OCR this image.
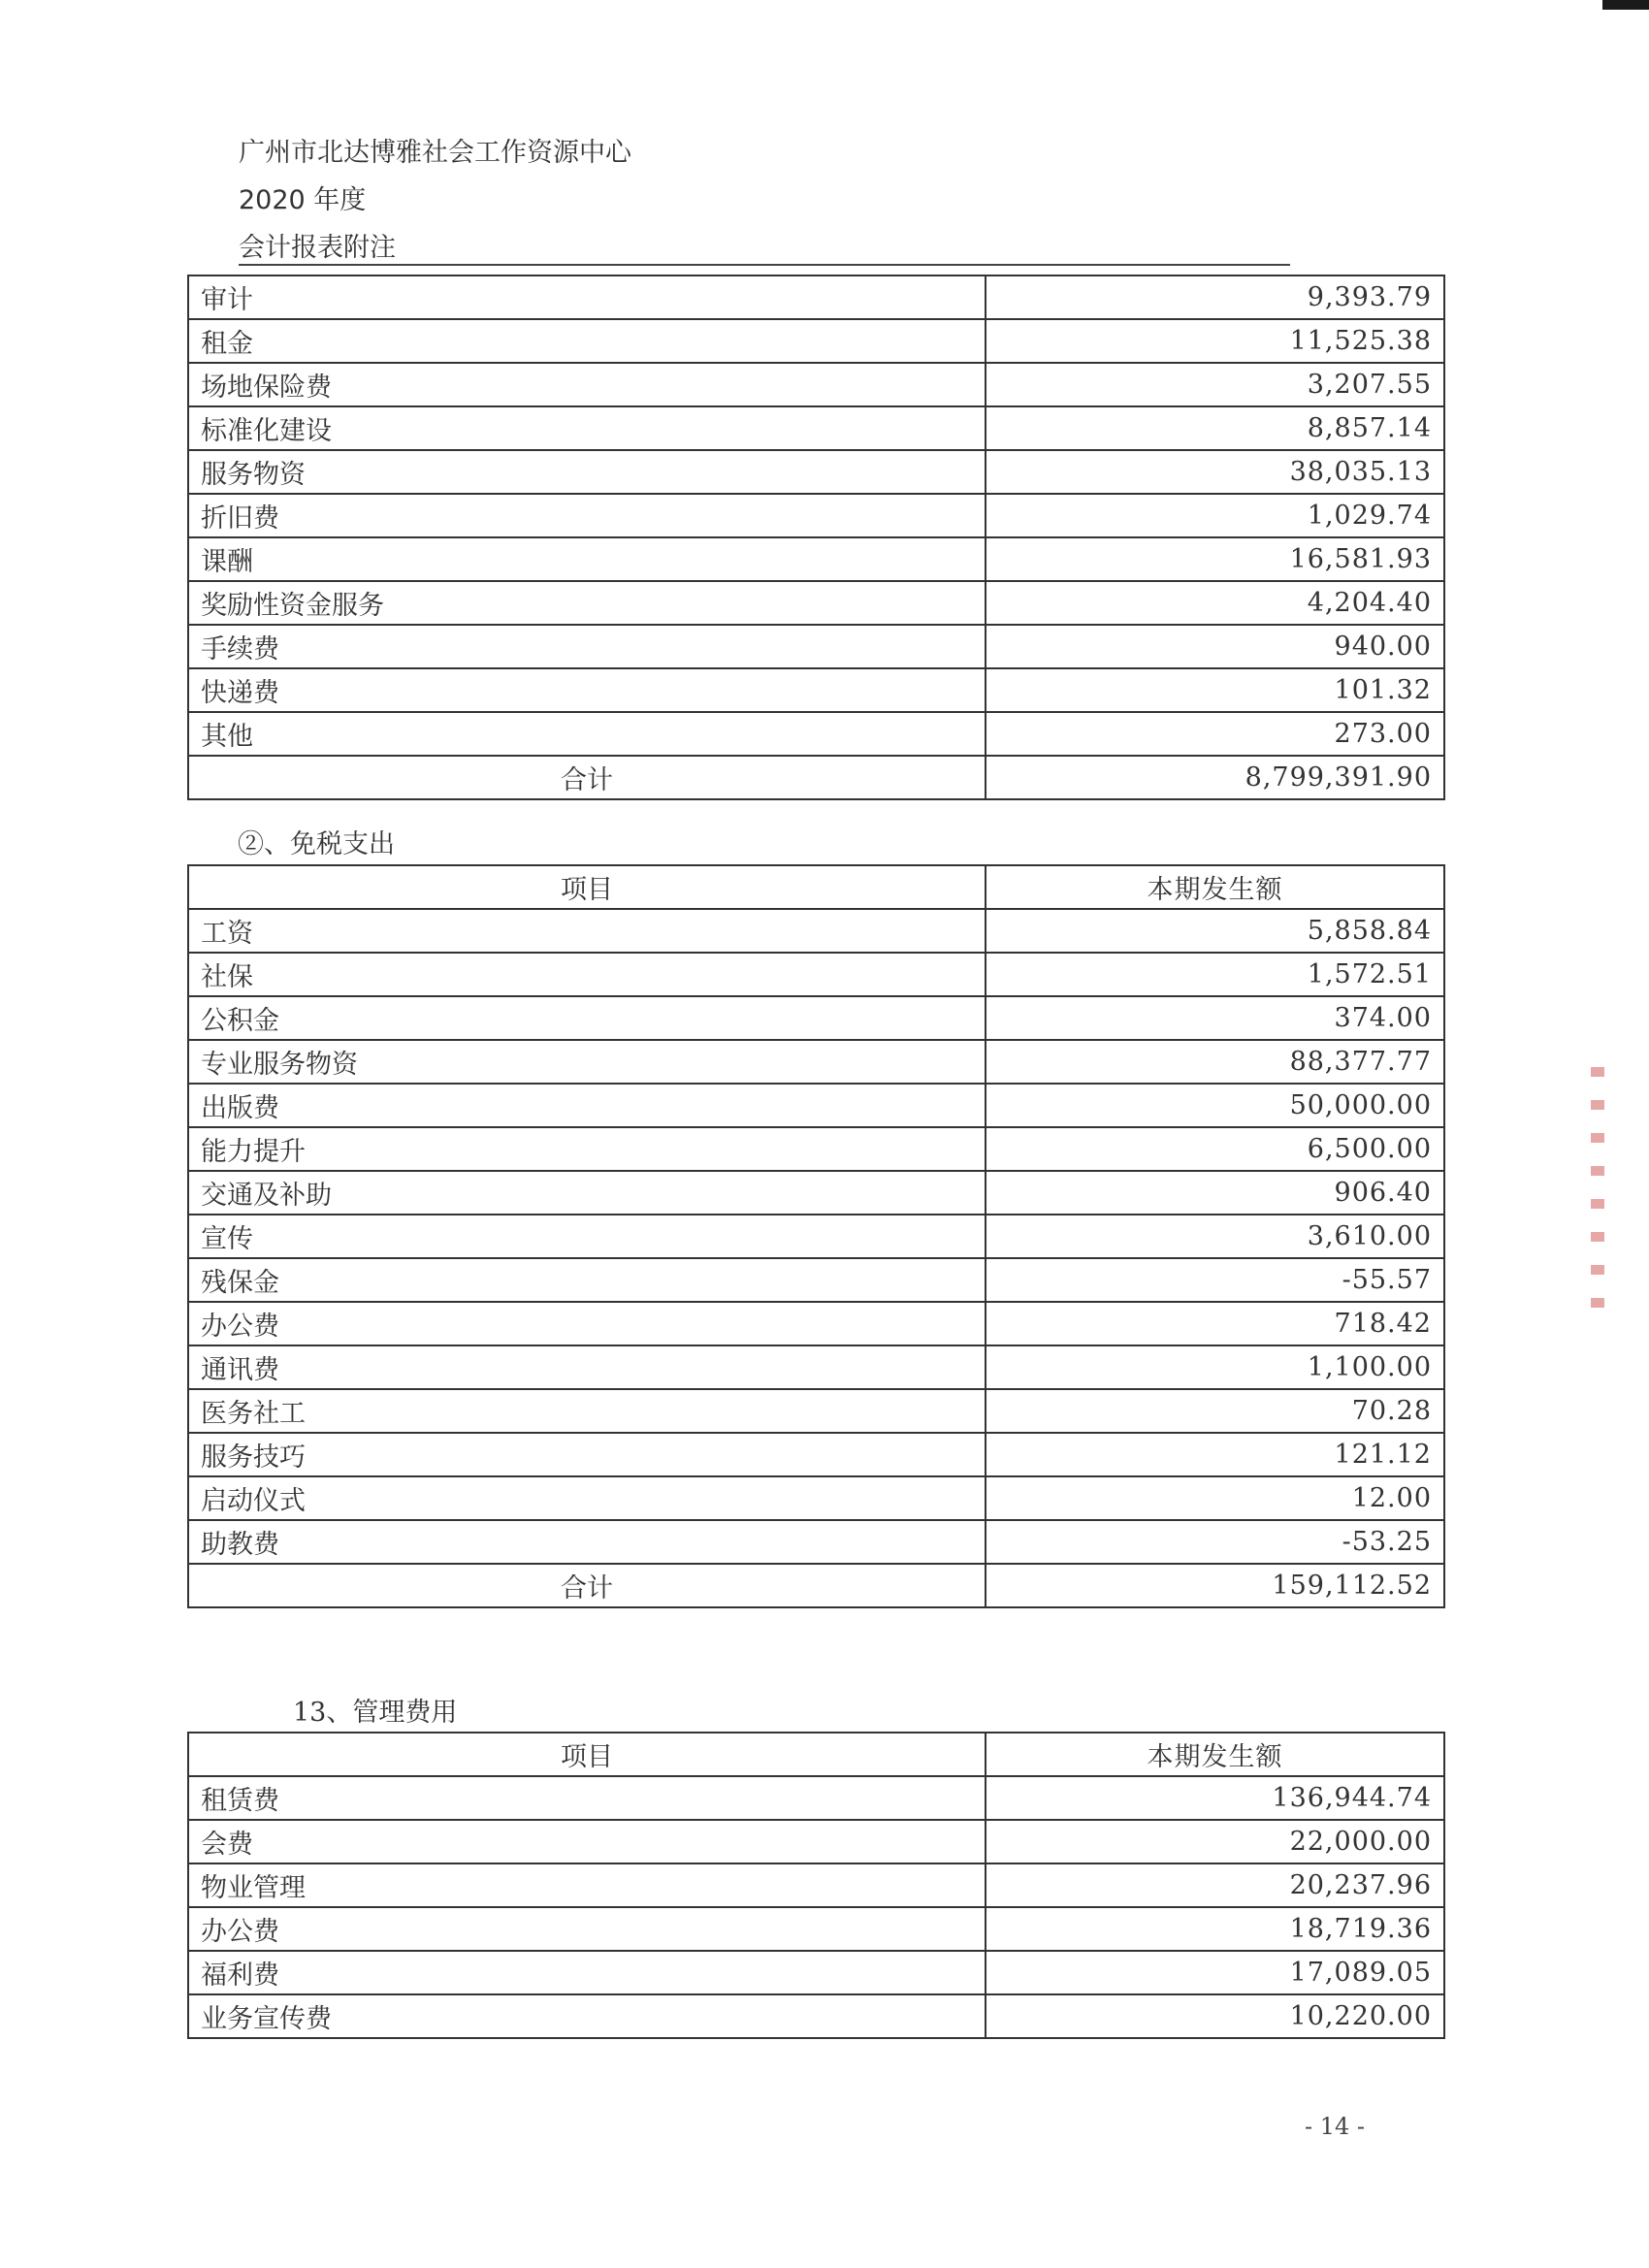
广州市北达博雅社会工作资源中心
2020 年度
会计报表附注
审计	9,393.79
租金	11,525.38
场地保险费	3,207.55
标准化建设	8,857.14
服务物资	38,035.13
折旧费	1,029.74
课酬	16,581.93
奖励性资金服务	4,204.40
手续费	940.00
快递费	101.32
其他	273.00
合计	8,799,391.90
②、免税支出
项目	本期发生额
工资	5,858.84
社保	1,572.51
公积金	374.00
专业服务物资	88,377.77
出版费	50,000.00
能力提升	6,500.00
交通及补助	906.40
宣传	3,610.00
残保金	-55.57
办公费	718.42
通讯费	1,100.00
医务社工	70.28
服务技巧	121.12
启动仪式	12.00
助教费	-53.25
合计	159,112.52
13、管理费用
项目	本期发生额
租赁费	136,944.74
会费	22,000.00
物业管理	20,237.96
办公费	18,719.36
福利费	17,089.05
业务宣传费	10,220.00
- 14 -
